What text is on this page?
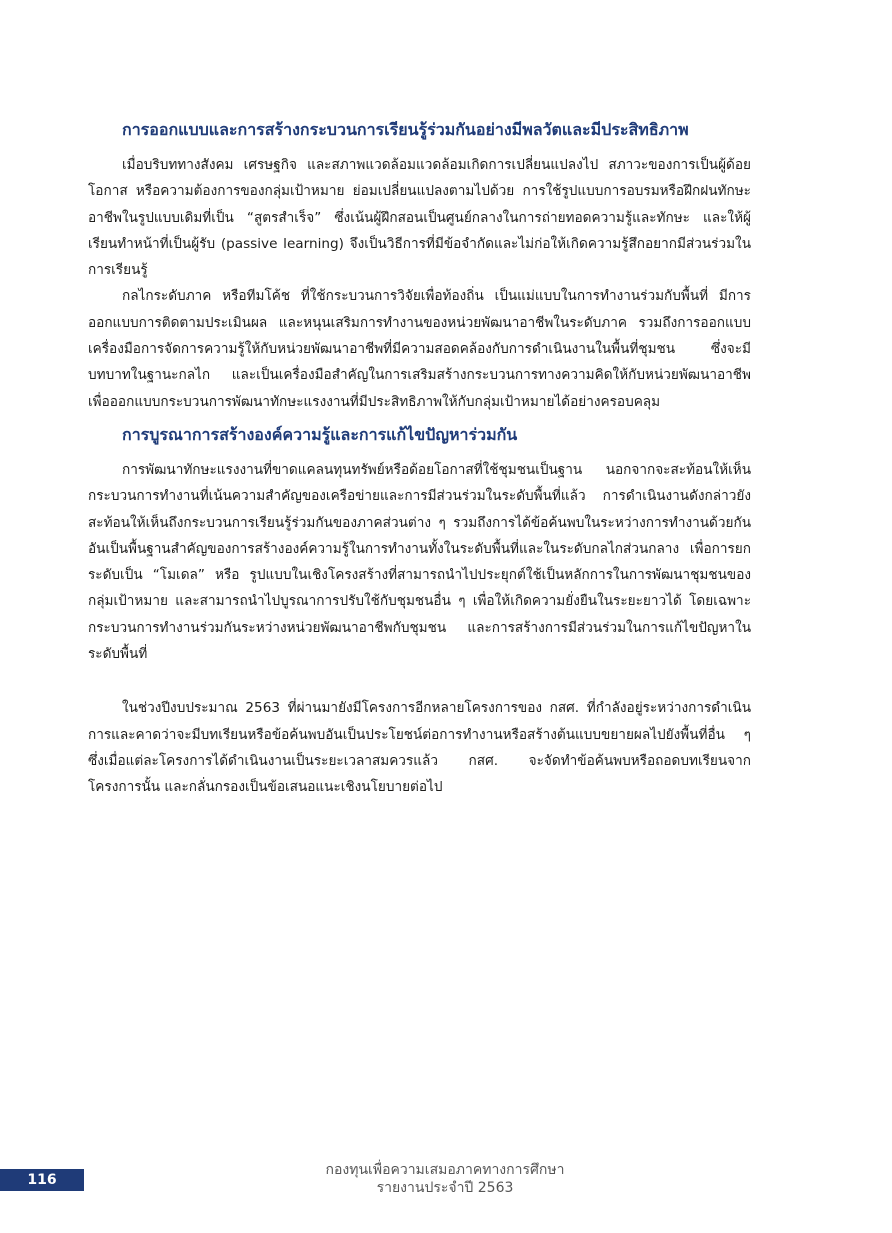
การออกแบบและการสร้างกระบวนการเรียนรู้ร่วมกันอย่างมีพลวัตและมีประสิทธิภาพ

เมื่อบริบททางสังคม เศรษฐกิจ และสภาพแวดล้อมแวดล้อมเกิดการเปลี่ยนแปลงไป สภาวะของการเป็นผู้ด้อยโอกาส หรือความต้องการของกลุ่มเป้าหมาย ย่อมเปลี่ยนแปลงตามไปด้วย การใช้รูปแบบการอบรมหรือฝึกฝนทักษะอาชีพในรูปแบบเดิมที่เป็น “สูตรสำเร็จ” ซึ่งเน้นผู้ฝึกสอนเป็นศูนย์กลางในการถ่ายทอดความรู้และทักษะ และให้ผู้เรียนทำหน้าที่เป็นผู้รับ (passive learning) จึงเป็นวิธีการที่มีข้อจำกัดและไม่ก่อให้เกิดความรู้สึกอยากมีส่วนร่วมในการเรียนรู้

กลไกระดับภาค หรือทีมโค้ช ที่ใช้กระบวนการวิจัยเพื่อท้องถิ่น เป็นแม่แบบในการทำงานร่วมกับพื้นที่ มีการออกแบบการติดตามประเมินผล และหนุนเสริมการทำงานของหน่วยพัฒนาอาชีพในระดับภาค รวมถึงการออกแบบเครื่องมือการจัดการความรู้ให้กับหน่วยพัฒนาอาชีพที่มีความสอดคล้องกับการดำเนินงานในพื้นที่ชุมชน ซึ่งจะมีบทบาทในฐานะกลไก และเป็นเครื่องมือสำคัญในการเสริมสร้างกระบวนการทางความคิดให้กับหน่วยพัฒนาอาชีพ เพื่อออกแบบกระบวนการพัฒนาทักษะแรงงานที่มีประสิทธิภาพให้กับกลุ่มเป้าหมายได้อย่างครอบคลุม

การบูรณาการสร้างองค์ความรู้และการแก้ไขปัญหาร่วมกัน

การพัฒนาทักษะแรงงานที่ขาดแคลนทุนทรัพย์หรือด้อยโอกาสที่ใช้ชุมชนเป็นฐาน นอกจากจะสะท้อนให้เห็นกระบวนการทำงานที่เน้นความสำคัญของเครือข่ายและการมีส่วนร่วมในระดับพื้นที่แล้ว การดำเนินงานดังกล่าวยังสะท้อนให้เห็นถึงกระบวนการเรียนรู้ร่วมกันของภาคส่วนต่าง ๆ รวมถึงการได้ข้อค้นพบในระหว่างการทำงานด้วยกัน อันเป็นพื้นฐานสำคัญของการสร้างองค์ความรู้ในการทำงานทั้งในระดับพื้นที่และในระดับกลไกส่วนกลาง เพื่อการยกระดับเป็น “โมเดล” หรือ รูปแบบในเชิงโครงสร้างที่สามารถนำไปประยุกต์ใช้เป็นหลักการในการพัฒนาชุมชนของกลุ่มเป้าหมาย และสามารถนำไปบูรณาการปรับใช้กับชุมชนอื่น ๆ เพื่อให้เกิดความยั่งยืนในระยะยาวได้ โดยเฉพาะกระบวนการทำงานร่วมกันระหว่างหน่วยพัฒนาอาชีพกับชุมชน และการสร้างการมีส่วนร่วมในการแก้ไขปัญหาในระดับพื้นที่

ในช่วงปีงบประมาณ 2563 ที่ผ่านมายังมีโครงการอีกหลายโครงการของ กสศ. ที่กำลังอยู่ระหว่างการดำเนินการและคาดว่าจะมีบทเรียนหรือข้อค้นพบอันเป็นประโยชน์ต่อการทำงานหรือสร้างต้นแบบขยายผลไปยังพื้นที่อื่น ๆ ซึ่งเมื่อแต่ละโครงการได้ดำเนินงานเป็นระยะเวลาสมควรแล้ว กสศ. จะจัดทำข้อค้นพบหรือถอดบทเรียนจากโครงการนั้น และกลั่นกรองเป็นข้อเสนอแนะเชิงนโยบายต่อไป

116
กองทุนเพื่อความเสมอภาคทางการศึกษา
รายงานประจำปี 2563
